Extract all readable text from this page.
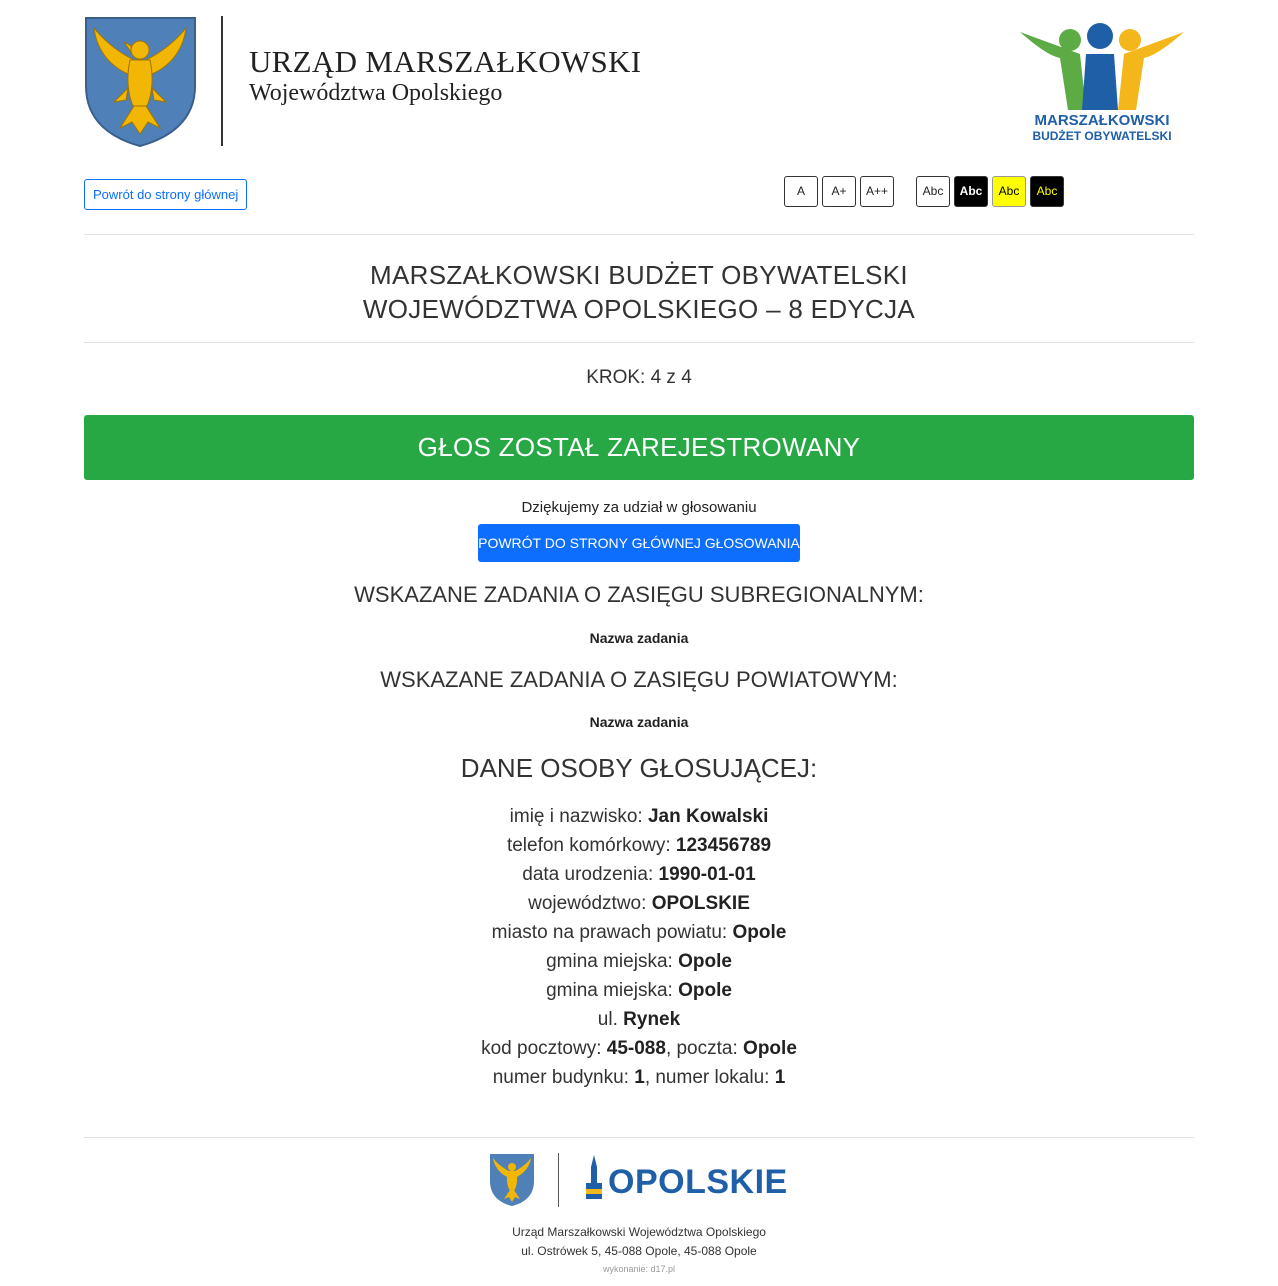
URZĄD MARSZAŁKOWSKI
Województwa Opolskiego
MARSZAŁKOWSKI
BUDŻET OBYWATELSKI
Powrót do strony głównej	A	A+	A++	Abc	Abc	Abc	Abc
MARSZAŁKOWSKI BUDŻET OBYWATELSKI
WOJEWÓDZTWA OPOLSKIEGO – 8 EDYCJA
KROK: 4 z 4
GŁOS ZOSTAŁ ZAREJESTROWANY
Dziękujemy za udział w głosowaniu
POWRÓT DO STRONY GŁÓWNEJ GŁOSOWANIA
WSKAZANE ZADANIA O ZASIĘGU SUBREGIONALNYM:
Nazwa zadania
WSKAZANE ZADANIA O ZASIĘGU POWIATOWYM:
Nazwa zadania
DANE OSOBY GŁOSUJĄCEJ:
imię i nazwisko: Jan Kowalski
telefon komórkowy: 123456789
data urodzenia: 1990-01-01
województwo: OPOLSKIE
miasto na prawach powiatu: Opole
gmina miejska: Opole
gmina miejska: Opole
ul. Rynek
kod pocztowy: 45-088, poczta: Opole
numer budynku: 1, numer lokalu: 1
OPOLSKIE
Urząd Marszałkowski Województwa Opolskiego
ul. Ostrówek 5, 45-088 Opole, 45-088 Opole
wykonanie: d17.pl
